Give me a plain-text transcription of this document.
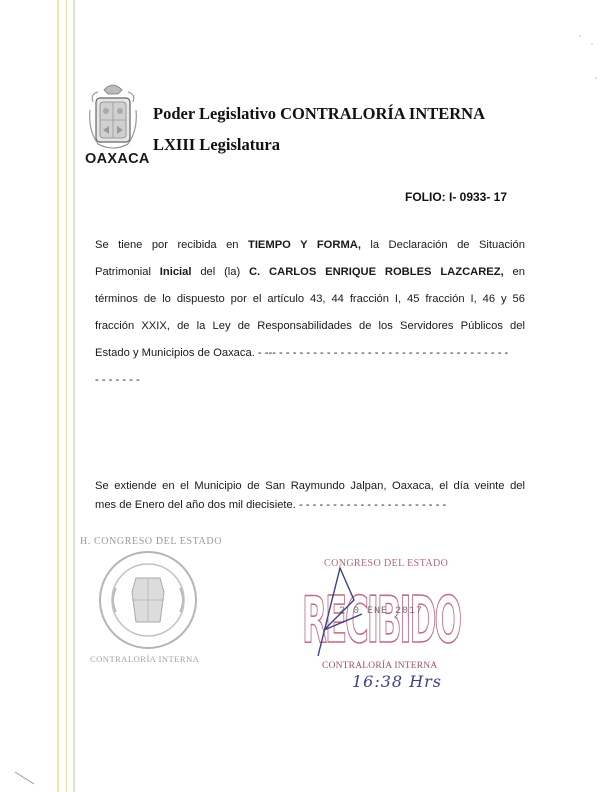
OAXACA
Poder Legislativo CONTRALORÍA INTERNA
LXIII Legislatura
FOLIO: I- 0933- 17
Se tiene por recibida en TIEMPO Y FORMA, la Declaración de Situación
Patrimonial Inicial del (la) C. CARLOS ENRIQUE ROBLES LAZCAREZ, en
términos de lo dispuesto por el artículo 43, 44 fracción I, 45 fracción I, 46 y 56
fracción XXIX, de la Ley de Responsabilidades de los Servidores Públicos del
Estado y Municipios de Oaxaca. - --- - - - - - - - - - - - - - - - - - - - - - - - - - - - - - - - - - -
- - - - - - -
Se extiende en el Municipio de San Raymundo Jalpan, Oaxaca, el día veinte del
mes de Enero del año dos mil diecisiete. - - - - - - - - - - - - - - - - - - - - - -
H. CONGRESO DEL ESTADO
CONTRALORÍA INTERNA
RECIBIDO
CONGRESO DEL ESTADO
2 0 ENE 2017
CONTRALORÍA INTERNA
16:38 Hrs
